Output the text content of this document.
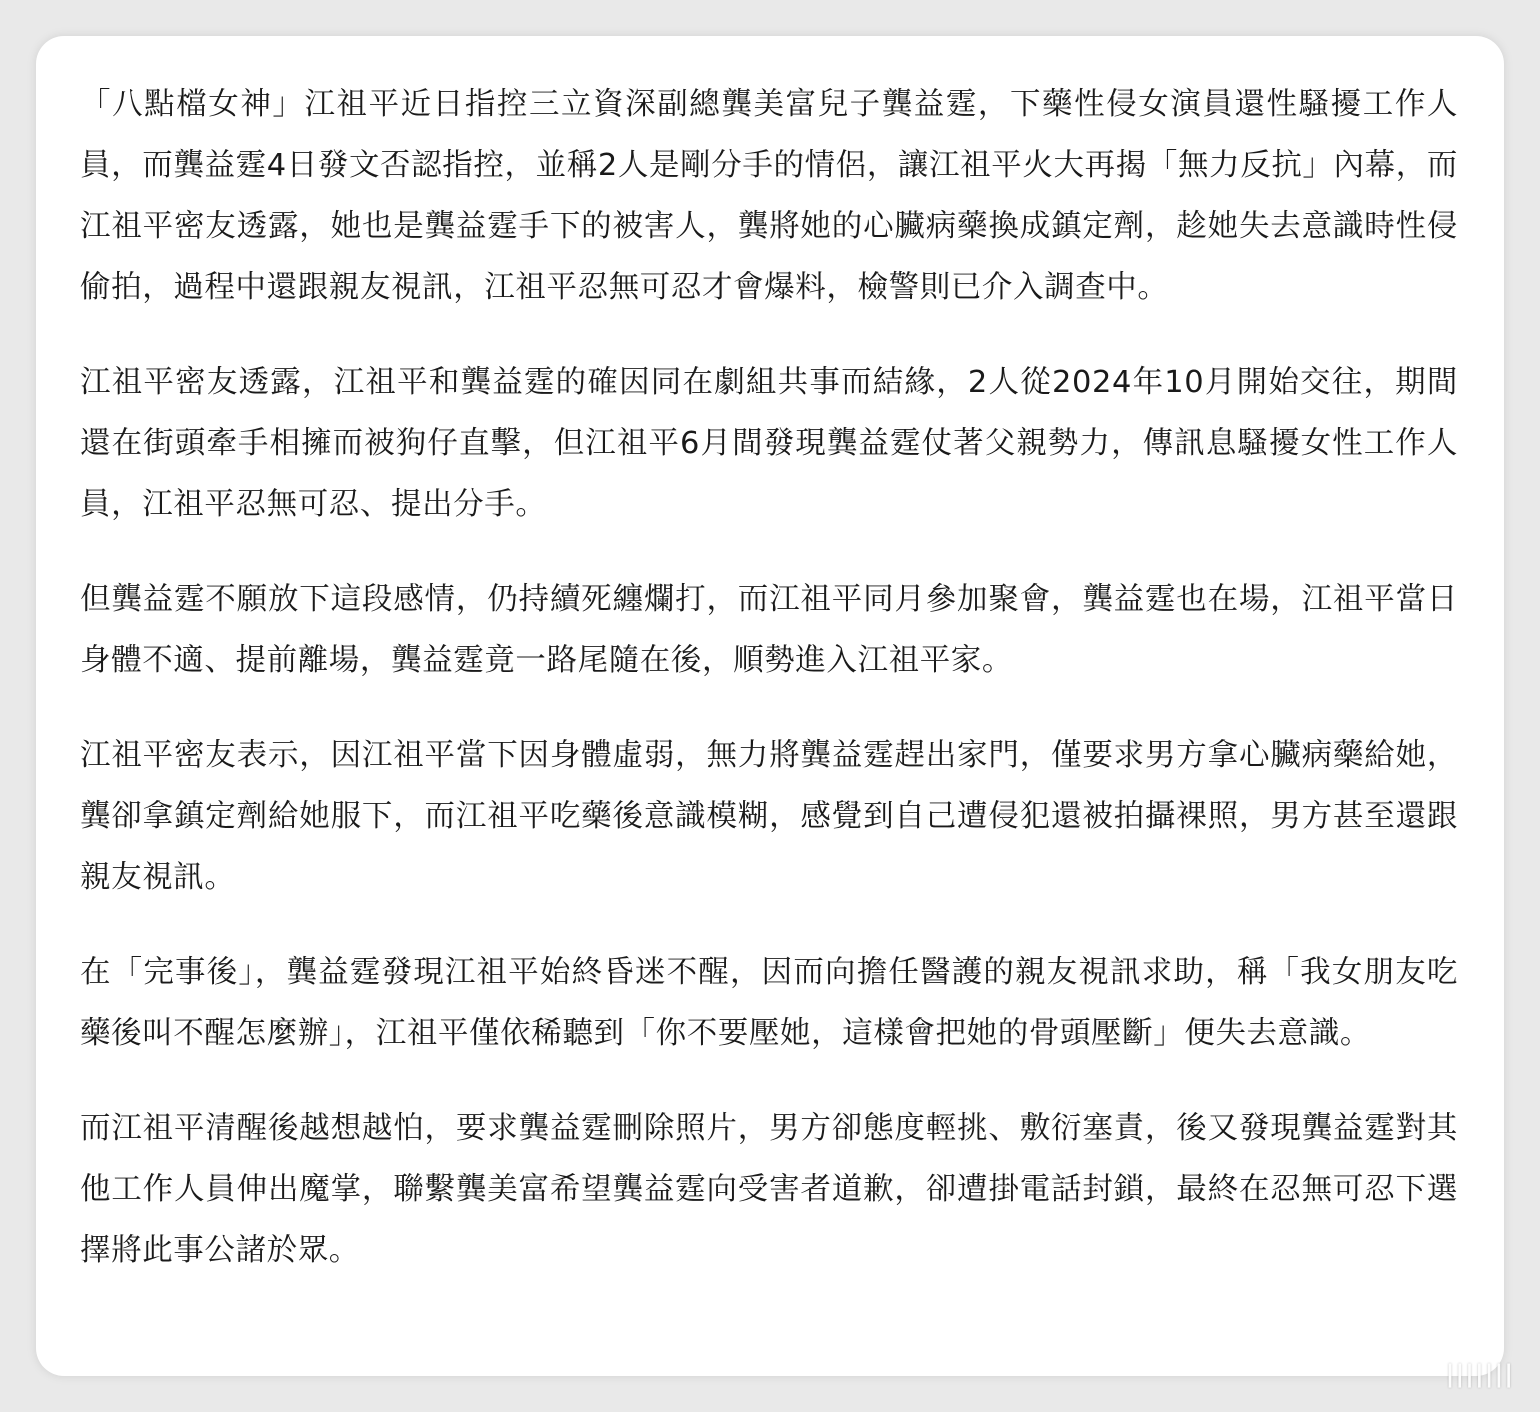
「八點檔女神」江祖平近日指控三立資深副總龔美富兒子龔益霆，下藥性侵女演員還性騷擾工作人員，而龔益霆4日發文否認指控，並稱2人是剛分手的情侶，讓江祖平火大再揭「無力反抗」內幕，而江祖平密友透露，她也是龔益霆手下的被害人，龔將她的心臟病藥換成鎮定劑，趁她失去意識時性侵偷拍，過程中還跟親友視訊，江祖平忍無可忍才會爆料，檢警則已介入調查中。

江祖平密友透露，江祖平和龔益霆的確因同在劇組共事而結緣，2人從2024年10月開始交往，期間還在街頭牽手相擁而被狗仔直擊，但江祖平6月間發現龔益霆仗著父親勢力，傳訊息騷擾女性工作人員，江祖平忍無可忍、提出分手。

但龔益霆不願放下這段感情，仍持續死纏爛打，而江祖平同月參加聚會，龔益霆也在場，江祖平當日身體不適、提前離場，龔益霆竟一路尾隨在後，順勢進入江祖平家。

江祖平密友表示，因江祖平當下因身體虛弱，無力將龔益霆趕出家門，僅要求男方拿心臟病藥給她，龔卻拿鎮定劑給她服下，而江祖平吃藥後意識模糊，感覺到自己遭侵犯還被拍攝裸照，男方甚至還跟親友視訊。

在「完事後」，龔益霆發現江祖平始終昏迷不醒，因而向擔任醫護的親友視訊求助，稱「我女朋友吃藥後叫不醒怎麼辦」，江祖平僅依稀聽到「你不要壓她，這樣會把她的骨頭壓斷」便失去意識。

而江祖平清醒後越想越怕，要求龔益霆刪除照片，男方卻態度輕挑、敷衍塞責，後又發現龔益霆對其他工作人員伸出魔掌，聯繫龔美富希望龔益霆向受害者道歉，卻遭掛電話封鎖，最終在忍無可忍下選擇將此事公諸於眾。

|||||||
